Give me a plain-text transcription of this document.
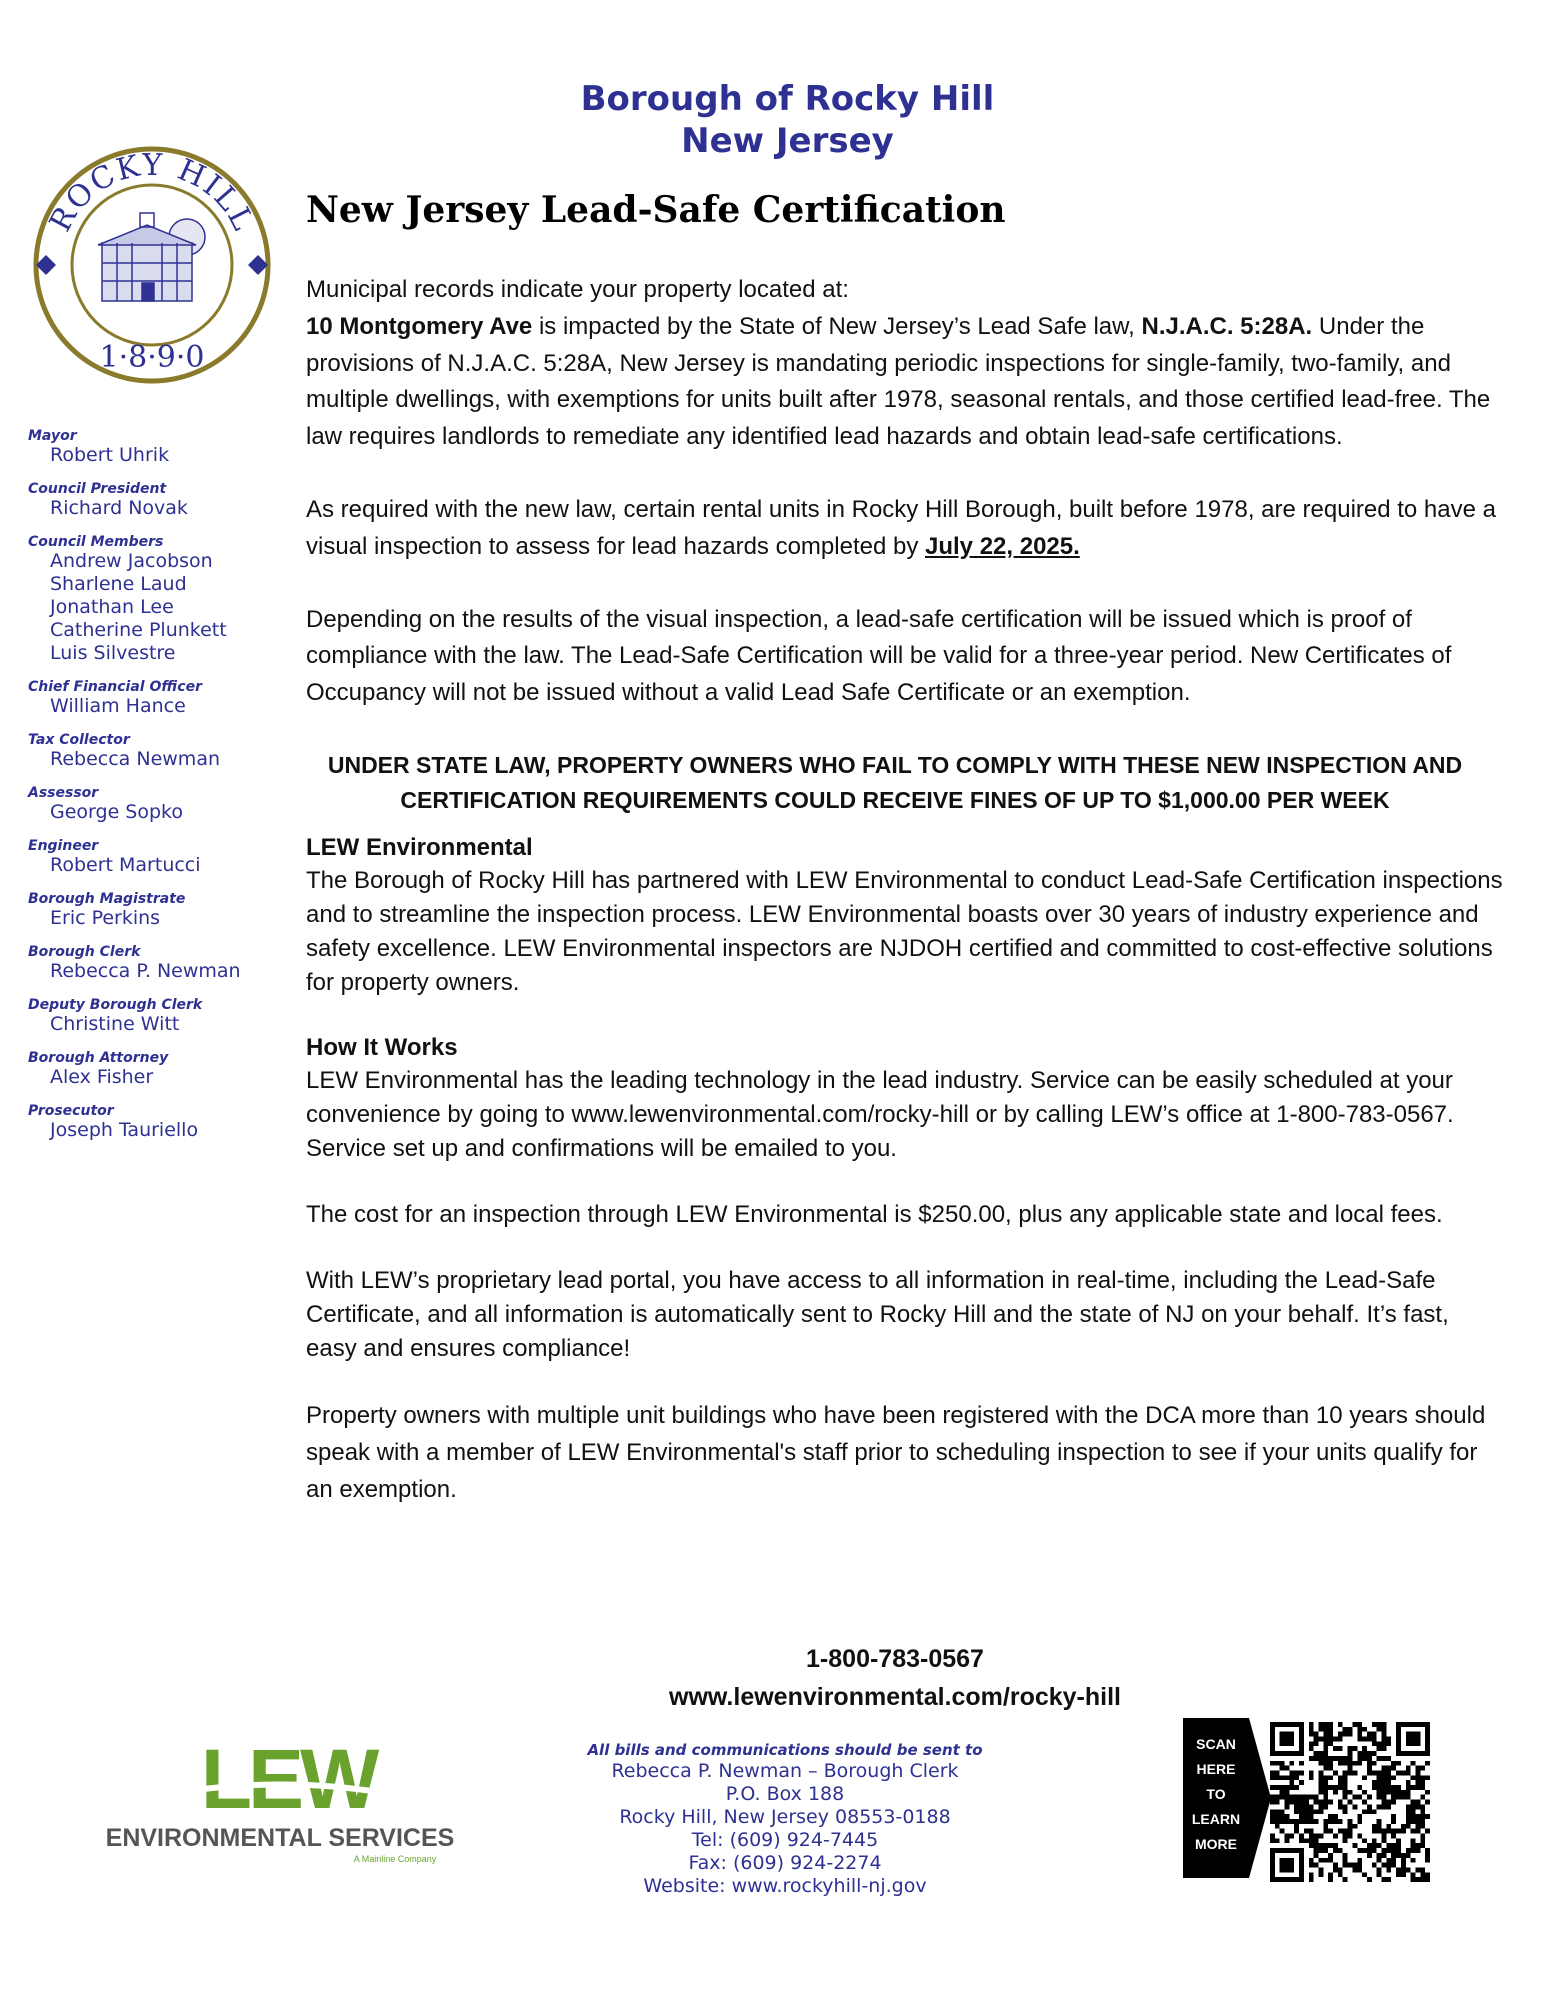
Borough of Rocky Hill
New Jersey
ROCKY HILL
1·8·9·0
Mayor
Robert Uhrik
Council President
Richard Novak
Council Members
Andrew Jacobson
Sharlene Laud
Jonathan Lee
Catherine Plunkett
Luis Silvestre
Chief Financial Officer
William Hance
Tax Collector
Rebecca Newman
Assessor
George Sopko
Engineer
Robert Martucci
Borough Magistrate
Eric Perkins
Borough Clerk
Rebecca P. Newman
Deputy Borough Clerk
Christine Witt
Borough Attorney
Alex Fisher
Prosecutor
Joseph Tauriello
New Jersey Lead-Safe Certification

Municipal records indicate your property located at:
10 Montgomery Ave is impacted by the State of New Jersey’s Lead Safe law, N.J.A.C. 5:28A. Under the provisions of N.J.A.C. 5:28A, New Jersey is mandating periodic inspections for single-family, two-family, and multiple dwellings, with exemptions for units built after 1978, seasonal rentals, and those certified lead-free. The law requires landlords to remediate any identified lead hazards and obtain lead-safe certifications.

As required with the new law, certain rental units in Rocky Hill Borough, built before 1978, are required to have a visual inspection to assess for lead hazards completed by July 22, 2025.

Depending on the results of the visual inspection, a lead-safe certification will be issued which is proof of compliance with the law. The Lead-Safe Certification will be valid for a three-year period. New Certificates of Occupancy will not be issued without a valid Lead Safe Certificate or an exemption.

UNDER STATE LAW, PROPERTY OWNERS WHO FAIL TO COMPLY WITH THESE NEW INSPECTION AND CERTIFICATION REQUIREMENTS COULD RECEIVE FINES OF UP TO $1,000.00 PER WEEK

LEW Environmental

The Borough of Rocky Hill has partnered with LEW Environmental to conduct Lead-Safe Certification inspections and to streamline the inspection process. LEW Environmental boasts over 30 years of industry experience and safety excellence. LEW Environmental inspectors are NJDOH certified and committed to cost-effective solutions for property owners.

How It Works

LEW Environmental has the leading technology in the lead industry. Service can be easily scheduled at your convenience by going to www.lewenvironmental.com/rocky-hill or by calling LEW’s office at 1-800-783-0567. Service set up and confirmations will be emailed to you.

The cost for an inspection through LEW Environmental is $250.00, plus any applicable state and local fees.

With LEW’s proprietary lead portal, you have access to all information in real-time, including the Lead-Safe Certificate, and all information is automatically sent to Rocky Hill and the state of NJ on your behalf. It’s fast, easy and ensures compliance!

Property owners with multiple unit buildings who have been registered with the DCA more than 10 years should speak with a member of LEW Environmental's staff prior to scheduling inspection to see if your units qualify for an exemption.

1-800-783-0567
www.lewenvironmental.com/rocky-hill
LEW
ENVIRONMENTAL SERVICES
A Mainline Company
All bills and communications should be sent to
Rebecca P. Newman – Borough Clerk
P.O. Box 188
Rocky Hill, New Jersey 08553-0188
Tel: (609) 924-7445
Fax: (609) 924-2274
Website: www.rockyhill-nj.gov
SCAN
HERE
TO
LEARN
MORE
